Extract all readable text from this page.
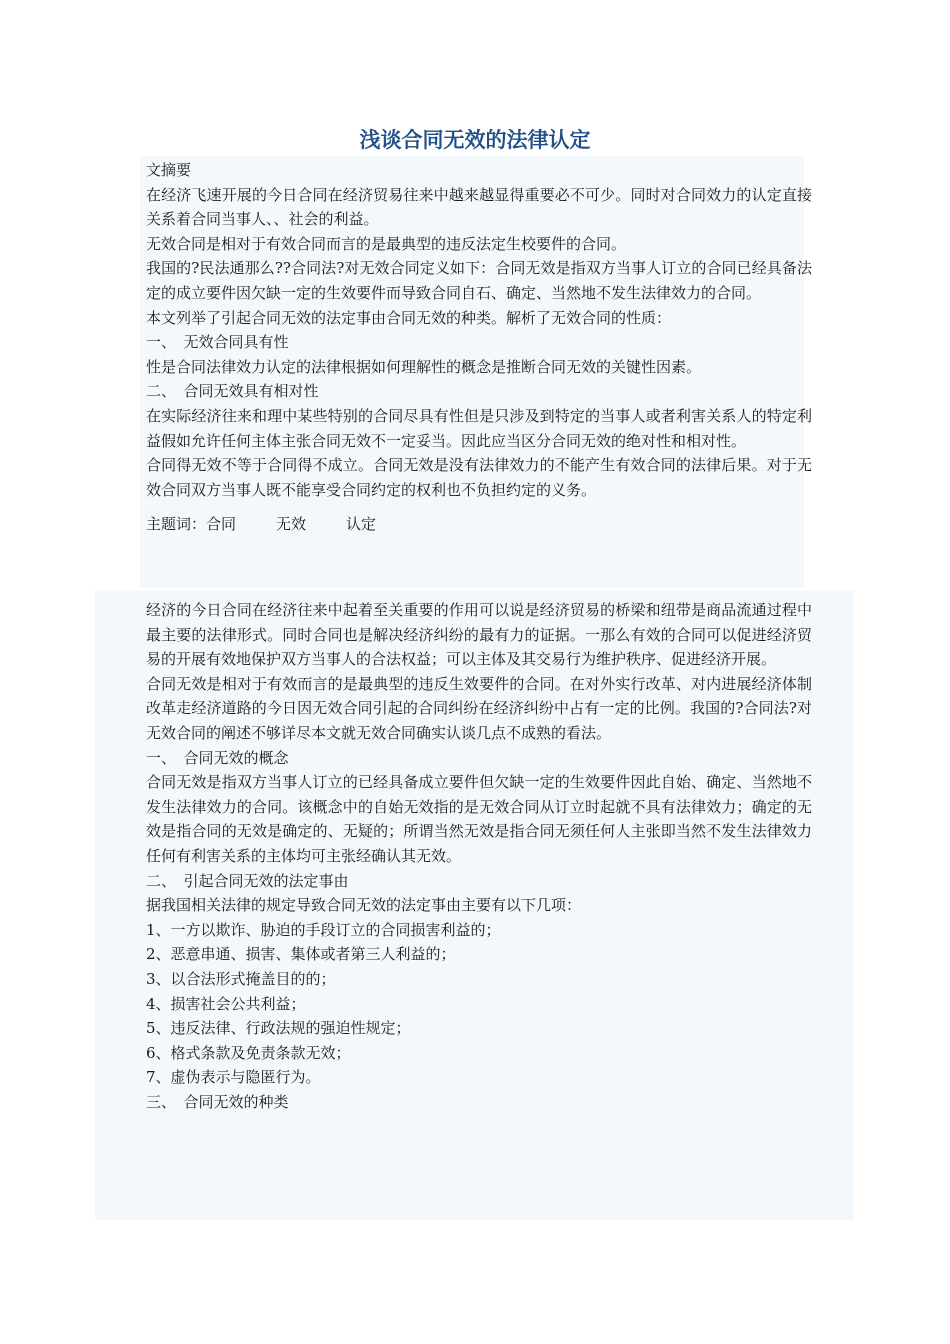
浅谈合同无效的法律认定

文摘要

在经济飞速开展的今日合同在经济贸易往来中越来越显得重要必不可少。同时对合同效力的认定直接关系着合同当事人、、社会的利益。

无效合同是相对于有效合同而言的是最典型的违反法定生校要件的合同。

我国的?民法通那么??合同法?对无效合同定义如下：合同无效是指双方当事人订立的合同已经具备法定的成立要件因欠缺一定的生效要件而导致合同自石、确定、当然地不发生法律效力的合同。

本文列举了引起合同无效的法定事由合同无效的种类。解析了无效合同的性质：

一、　无效合同具有性

性是合同法律效力认定的法律根据如何理解性的概念是推断合同无效的关键性因素。

二、　合同无效具有相对性

在实际经济往来和理中某些特别的合同尽具有性但是只涉及到特定的当事人或者利害关系人的特定利益假如允许任何主体主张合同无效不一定妥当。因此应当区分合同无效的绝对性和相对性。

合同得无效不等于合同得不成立。合同无效是没有法律效力的不能产生有效合同的法律后果。对于无效合同双方当事人既不能享受合同约定的权利也不负担约定的义务。

主题词：合同	无效	认定

经济的今日合同在经济往来中起着至关重要的作用可以说是经济贸易的桥梁和纽带是商品流通过程中最主要的法律形式。同时合同也是解决经济纠纷的最有力的证据。一那么有效的合同可以促进经济贸易的开展有效地保护双方当事人的合法权益；可以主体及其交易行为维护秩序、促进经济开展。

合同无效是相对于有效而言的是最典型的违反生效要件的合同。在对外实行改革、对内进展经济体制改革走经济道路的今日因无效合同引起的合同纠纷在经济纠纷中占有一定的比例。我国的?合同法?对无效合同的阐述不够详尽本文就无效合同确实认谈几点不成熟的看法。

一、　合同无效的概念

合同无效是指双方当事人订立的已经具备成立要件但欠缺一定的生效要件因此自始、确定、当然地不发生法律效力的合同。该概念中的自始无效指的是无效合同从订立时起就不具有法律效力；确定的无效是指合同的无效是确定的、无疑的；所谓当然无效是指合同无须任何人主张即当然不发生法律效力任何有利害关系的主体均可主张经确认其无效。

二、　引起合同无效的法定事由

据我国相关法律的规定导致合同无效的法定事由主要有以下几项：

1、一方以欺诈、胁迫的手段订立的合同损害利益的；

2、恶意串通、损害、集体或者第三人利益的；

3、以合法形式掩盖目的的；

4、损害社会公共利益；

5、违反法律、行政法规的强迫性规定；

6、格式条款及免责条款无效；

7、虚伪表示与隐匿行为。

三、　合同无效的种类
